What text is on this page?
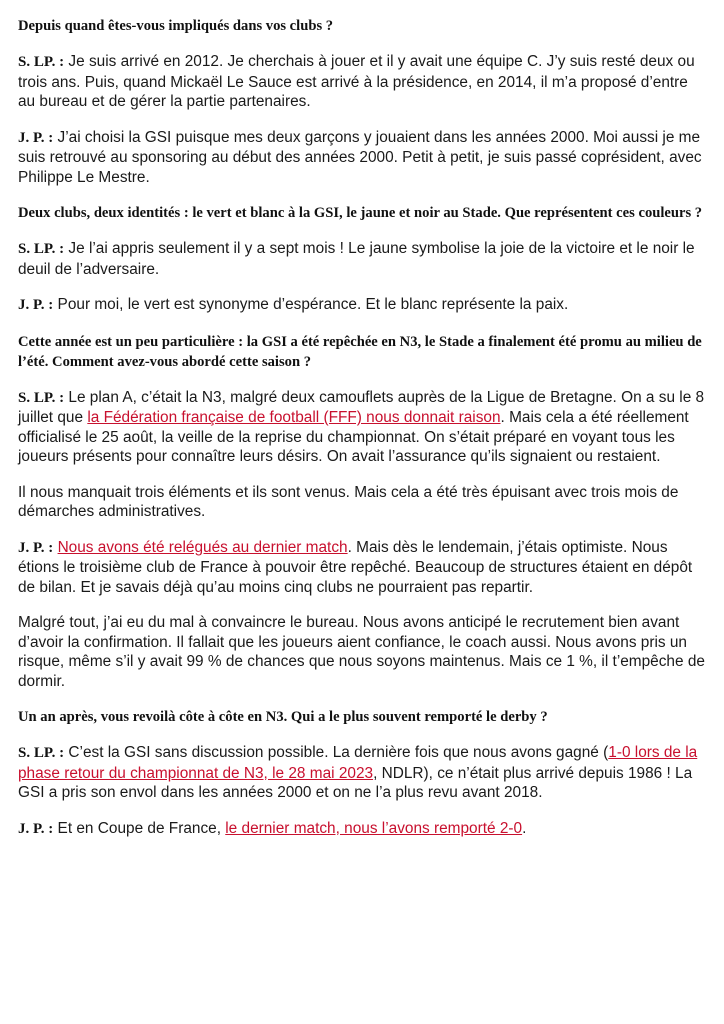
Depuis quand êtes-vous impliqués dans vos clubs ?

S. LP. : Je suis arrivé en 2012. Je cherchais à jouer et il y avait une équipe C. J’y suis resté deux ou trois ans. Puis, quand Mickaël Le Sauce est arrivé à la présidence, en 2014, il m’a proposé d’entre au bureau et de gérer la partie partenaires.

J. P. : J’ai choisi la GSI puisque mes deux garçons y jouaient dans les années 2000. Moi aussi je me suis retrouvé au sponsoring au début des années 2000. Petit à petit, je suis passé coprésident, avec Philippe Le Mestre.

Deux clubs, deux identités : le vert et blanc à la GSI, le jaune et noir au Stade. Que représentent ces couleurs ?

S. LP. : Je l’ai appris seulement il y a sept mois ! Le jaune symbolise la joie de la victoire et le noir le deuil de l’adversaire.

J. P. : Pour moi, le vert est synonyme d’espérance. Et le blanc représente la paix.

Cette année est un peu particulière : la GSI a été repêchée en N3, le Stade a finalement été promu au milieu de l’été. Comment avez-vous abordé cette saison ?

S. LP. : Le plan A, c’était la N3, malgré deux camouflets auprès de la Ligue de Bretagne. On a su le 8 juillet que la Fédération française de football (FFF) nous donnait raison. Mais cela a été réellement officialisé le 25 août, la veille de la reprise du championnat. On s’était préparé en voyant tous les joueurs présents pour connaître leurs désirs. On avait l’assurance qu’ils signaient ou restaient.

Il nous manquait trois éléments et ils sont venus. Mais cela a été très épuisant avec trois mois de démarches administratives.

J. P. : Nous avons été relégués au dernier match. Mais dès le lendemain, j’étais optimiste. Nous étions le troisième club de France à pouvoir être repêché. Beaucoup de structures étaient en dépôt de bilan. Et je savais déjà qu’au moins cinq clubs ne pourraient pas repartir.

Malgré tout, j’ai eu du mal à convaincre le bureau. Nous avons anticipé le recrutement bien avant d’avoir la confirmation. Il fallait que les joueurs aient confiance, le coach aussi. Nous avons pris un risque, même s’il y avait 99 % de chances que nous soyons maintenus. Mais ce 1 %, il t’empêche de dormir.

Un an après, vous revoilà côte à côte en N3. Qui a le plus souvent remporté le derby ?

S. LP. : C’est la GSI sans discussion possible. La dernière fois que nous avons gagné (1-0 lors de la phase retour du championnat de N3, le 28 mai 2023, NDLR), ce n’était plus arrivé depuis 1986 ! La GSI a pris son envol dans les années 2000 et on ne l’a plus revu avant 2018.

J. P. : Et en Coupe de France, le dernier match, nous l’avons remporté 2-0.
